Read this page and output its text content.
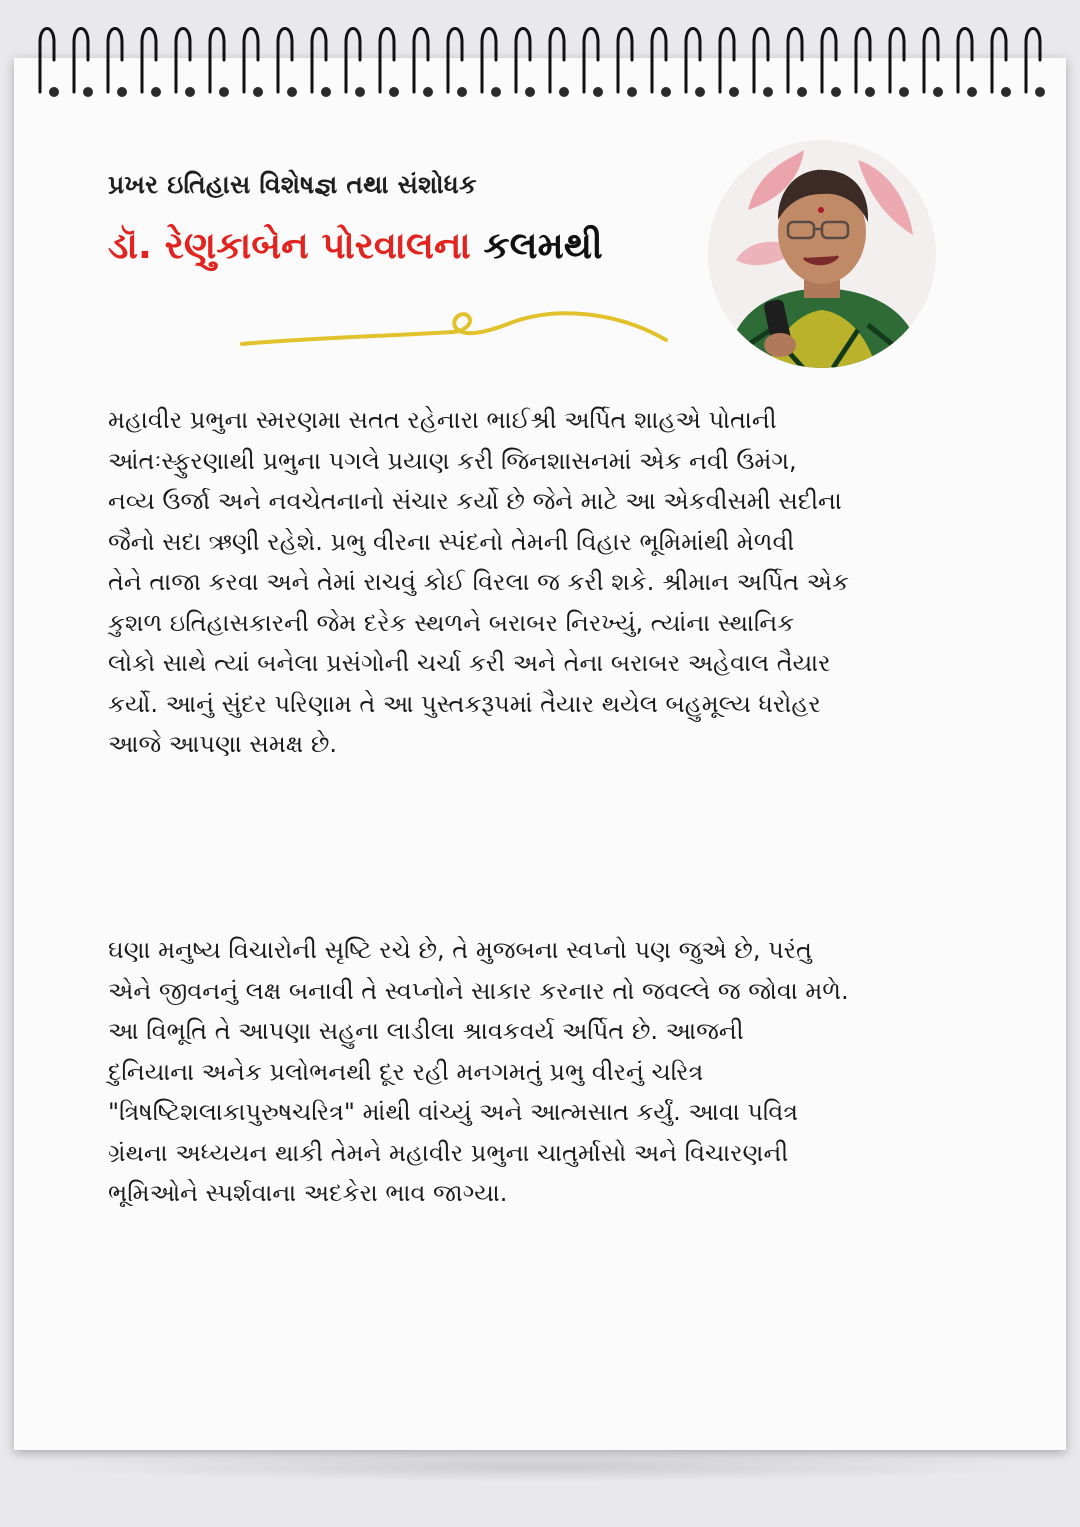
પ્રખર ઇતિહાસ વિશેષજ્ઞ તથા સંશોધક
ડૉ. રેણુકાબેન પોરવાલના કલમથી
મહાવીર પ્રભુના સ્મરણમા સતત રહેનારા ભાઈશ્રી અર્પિત શાહએ પોતાની
આંતઃસ્ફુરણાથી પ્રભુના પગલે પ્રયાણ કરી જિનશાસનમાં એક નવી ઉમંગ,
નવ્ય ઉર્જા અને નવચેતનાનો સંચાર કર્યો છે જેને માટે આ એકવીસમી સદીના
જૈનો સદા ઋણી રહેશે. પ્રભુ વીરના સ્પંદનો તેમની વિહાર ભૂમિમાંથી મેળવી
તેને તાજા કરવા અને તેમાં રાચવું કોઈ વિરલા જ કરી શકે. શ્રીમાન અર્પિત એક
કુશળ ઇતિહાસકારની જેમ દરેક સ્થળને બરાબર નિરખ્યું, ત્યાંના સ્થાનિક
લોકો સાથે ત્યાં બનેલા પ્રસંગોની ચર્ચા કરી અને તેના બરાબર અહેવાલ તૈયાર
કર્યો. આનું સુંદર પરિણામ તે આ પુસ્તકરૂપમાં તૈયાર થયેલ બહુમૂલ્ય ધરોહર
આજે આપણા સમક્ષ છે.
ઘણા મનુષ્ય વિચારોની સૃષ્ટિ રચે છે, તે મુજબના સ્વપ્નો પણ જુએ છે, પરંતુ
એને જીવનનું લક્ષ બનાવી તે સ્વપ્નોને સાકાર કરનાર તો જવલ્લે જ જોવા મળે.
આ વિભૂતિ તે આપણા સહુના લાડીલા શ્રાવકવર્ય અર્પિત છે. આજની
દુનિયાના અનેક પ્રલોભનથી દૂર રહી મનગમતું પ્રભુ વીરનું ચરિત્ર
"ત્રિષષ્ટિશલાકાપુરુષચરિત્ર" માંથી વાંચ્યું અને આત્મસાત કર્યું. આવા પવિત્ર
ગ્રંથના અધ્યયન થાકી તેમને મહાવીર પ્રભુના ચાતુર્માસો અને વિચારણની
ભૂમિઓને સ્પર્શવાના અદકેરા ભાવ જાગ્યા.
